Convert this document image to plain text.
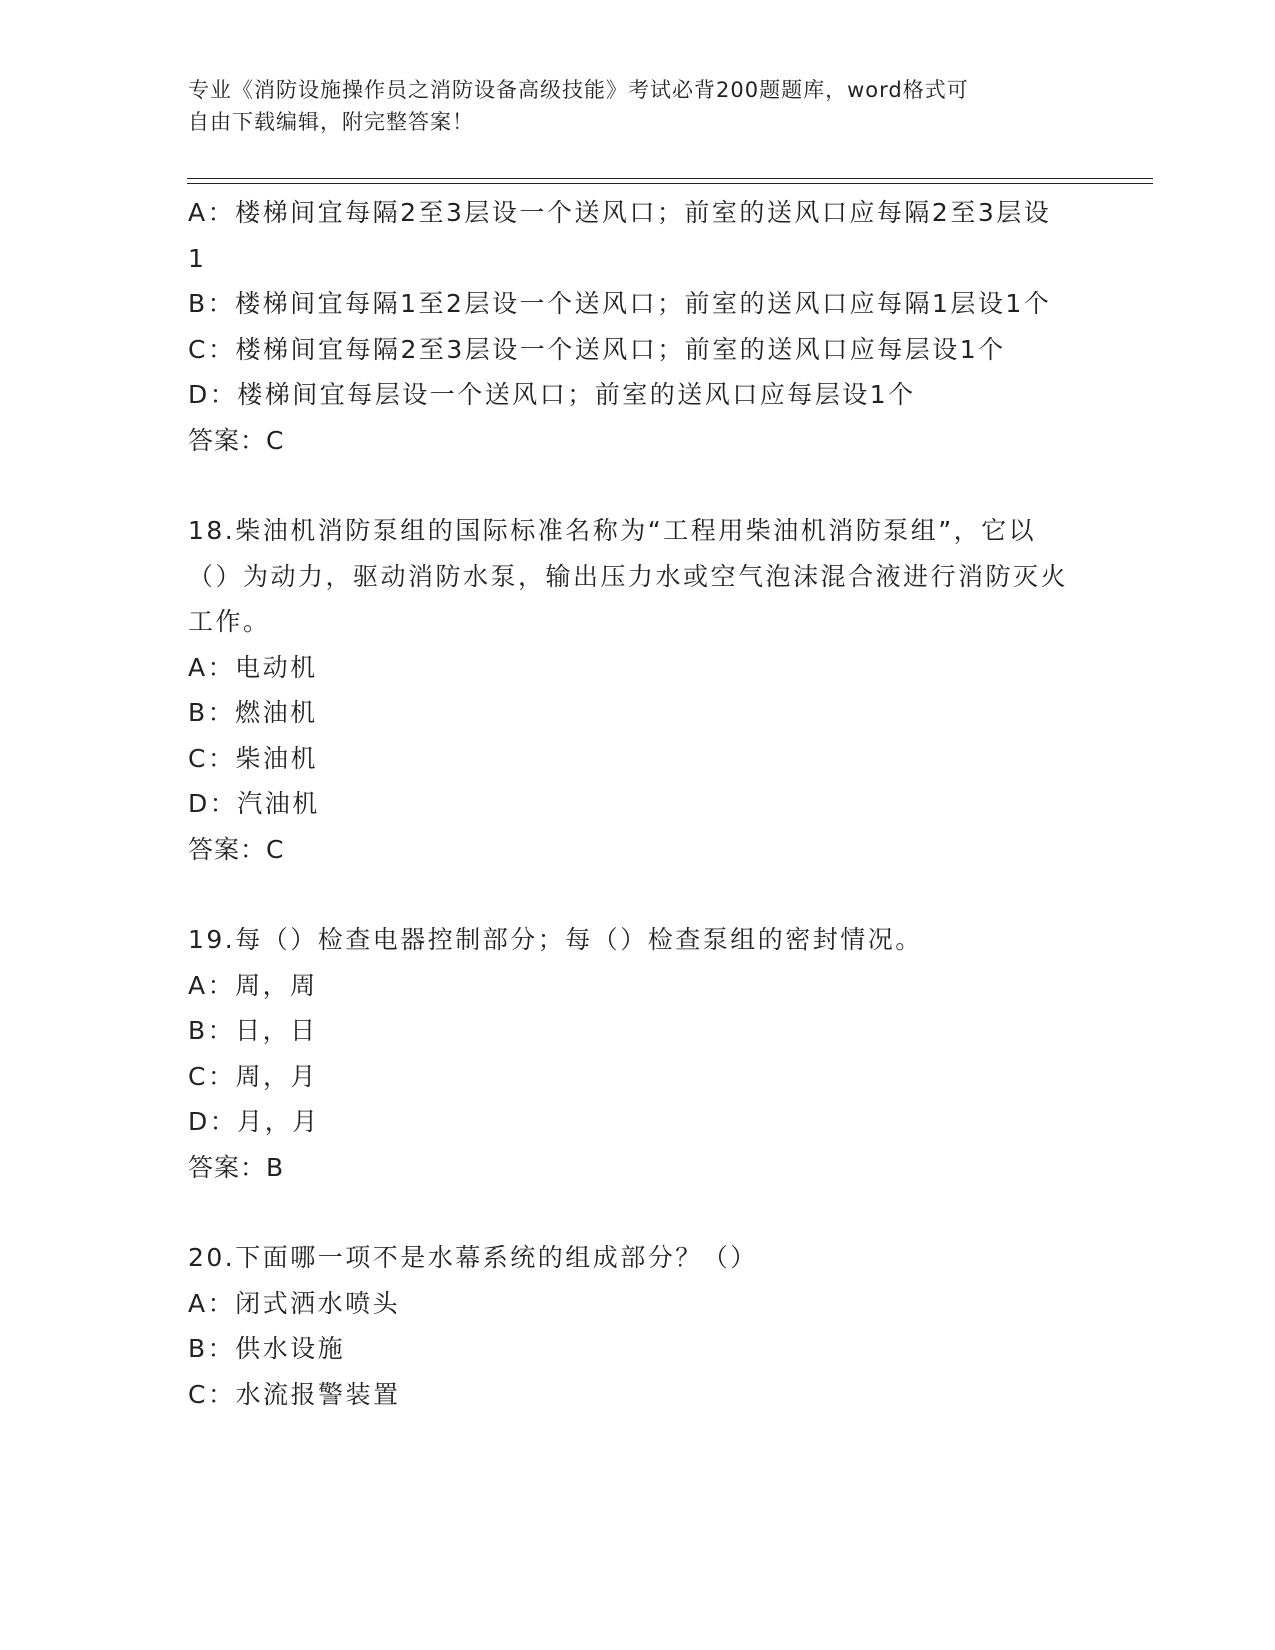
专业《消防设施操作员之消防设备高级技能》考试必背200题题库，word格式可
自由下载编辑，附完整答案！
A：楼梯间宜每隔2至3层设一个送风口；前室的送风口应每隔2至3层设1
B：楼梯间宜每隔1至2层设一个送风口；前室的送风口应每隔1层设1个
C：楼梯间宜每隔2至3层设一个送风口；前室的送风口应每层设1个
D：楼梯间宜每层设一个送风口；前室的送风口应每层设1个
答案：C
18.柴油机消防泵组的国际标准名称为“工程用柴油机消防泵组”，它以（）为动力，驱动消防水泵，输出压力水或空气泡沫混合液进行消防灭火工作。
A：电动机
B：燃油机
C：柴油机
D：汽油机
答案：C
19.每（）检查电器控制部分；每（）检查泵组的密封情况。
A：周，周
B：日，日
C：周，月
D：月，月
答案：B
20.下面哪一项不是水幕系统的组成部分？（）
A：闭式洒水喷头
B：供水设施
C：水流报警装置
